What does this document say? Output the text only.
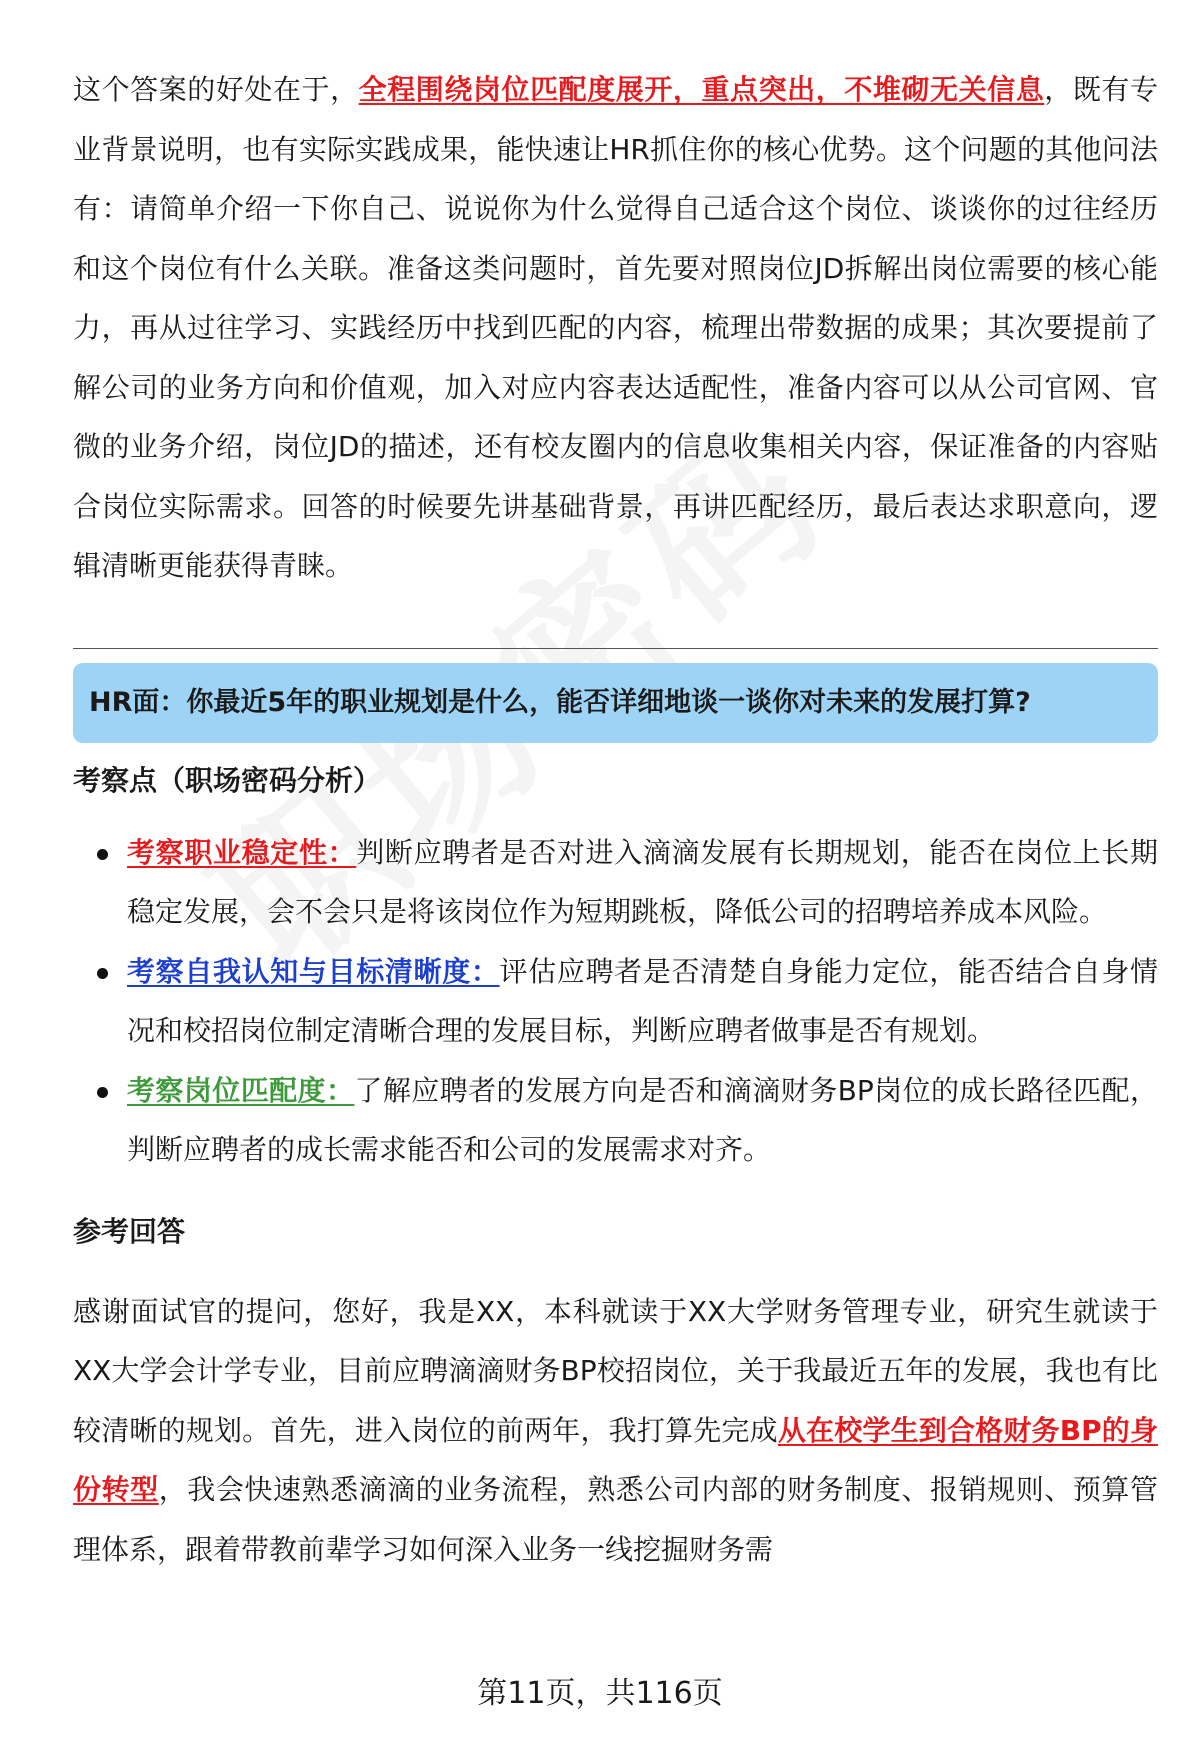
这个答案的好处在于，全程围绕岗位匹配度展开，重点突出，不堆砌无关信息，既有专业背景说明，也有实际实践成果，能快速让HR抓住你的核心优势。这个问题的其他问法有：请简单介绍一下你自己、说说你为什么觉得自己适合这个岗位、谈谈你的过往经历和这个岗位有什么关联。准备这类问题时，首先要对照岗位JD拆解出岗位需要的核心能力，再从过往学习、实践经历中找到匹配的内容，梳理出带数据的成果；其次要提前了解公司的业务方向和价值观，加入对应内容表达适配性，准备内容可以从公司官网、官微的业务介绍，岗位JD的描述，还有校友圈内的信息收集相关内容，保证准备的内容贴合岗位实际需求。回答的时候要先讲基础背景，再讲匹配经历，最后表达求职意向，逻辑清晰更能获得青睐。

HR面：你最近5年的职业规划是什么，能否详细地谈一谈你对未来的发展打算?
考察点（职场密码分析）
考察职业稳定性：判断应聘者是否对进入滴滴发展有长期规划，能否在岗位上长期稳定发展，会不会只是将该岗位作为短期跳板，降低公司的招聘培养成本风险。
考察自我认知与目标清晰度：评估应聘者是否清楚自身能力定位，能否结合自身情况和校招岗位制定清晰合理的发展目标，判断应聘者做事是否有规划。
考察岗位匹配度：了解应聘者的发展方向是否和滴滴财务BP岗位的成长路径匹配，判断应聘者的成长需求能否和公司的发展需求对齐。
参考回答

感谢面试官的提问，您好，我是XX，本科就读于XX大学财务管理专业，研究生就读于XX大学会计学专业，目前应聘滴滴财务BP校招岗位，关于我最近五年的发展，我也有比较清晰的规划。首先，进入岗位的前两年，我打算先完成从在校学生到合格财务BP的身份转型，我会快速熟悉滴滴的业务流程，熟悉公司内部的财务制度、报销规则、预算管理体系，跟着带教前辈学习如何深入业务一线挖掘财务需

第11页，共116页
